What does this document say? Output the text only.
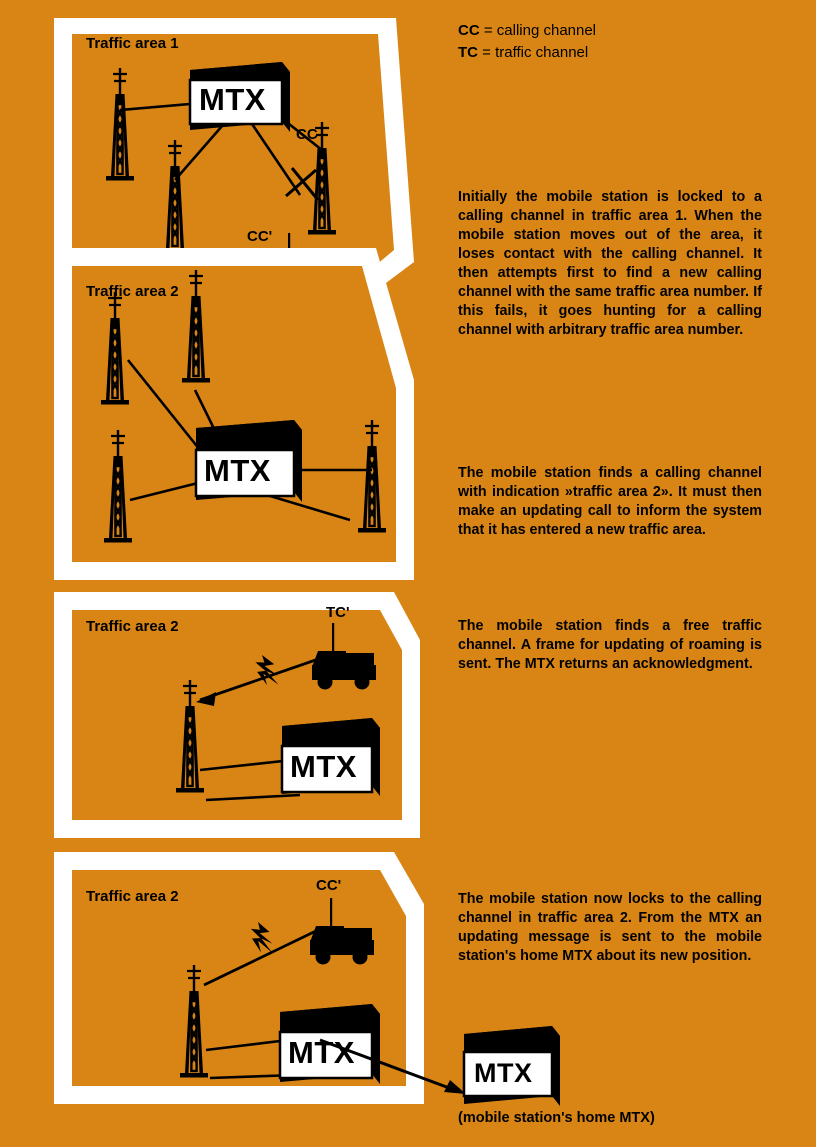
CC = calling channel
TC = traffic channel
Initially the mobile station is locked to a calling channel in traffic area 1. When the mobile station moves out of the area, it loses contact with the calling channel. It then attempts first to find a new calling channel with the same traffic area number. If this fails, it goes hunting for a calling channel with arbitrary traffic area number.
The mobile station finds a calling channel with indication »traffic area 2». It must then make an updating call to inform the system that it has entered a new traffic area.
The mobile station finds a free traffic channel. A frame for updating of roaming is sent. The MTX returns an acknowledgment.
The mobile station now locks to the calling channel in traffic area 2. From the MTX an updating message is sent to the mobile station's home MTX about its new position.
(mobile station's home MTX)
Traffic area 1
MTX
CC
CC'
Traffic area 2
MTX
Traffic area 2
TC'
MTX
Traffic area 2
CC'
MTX
MTX
